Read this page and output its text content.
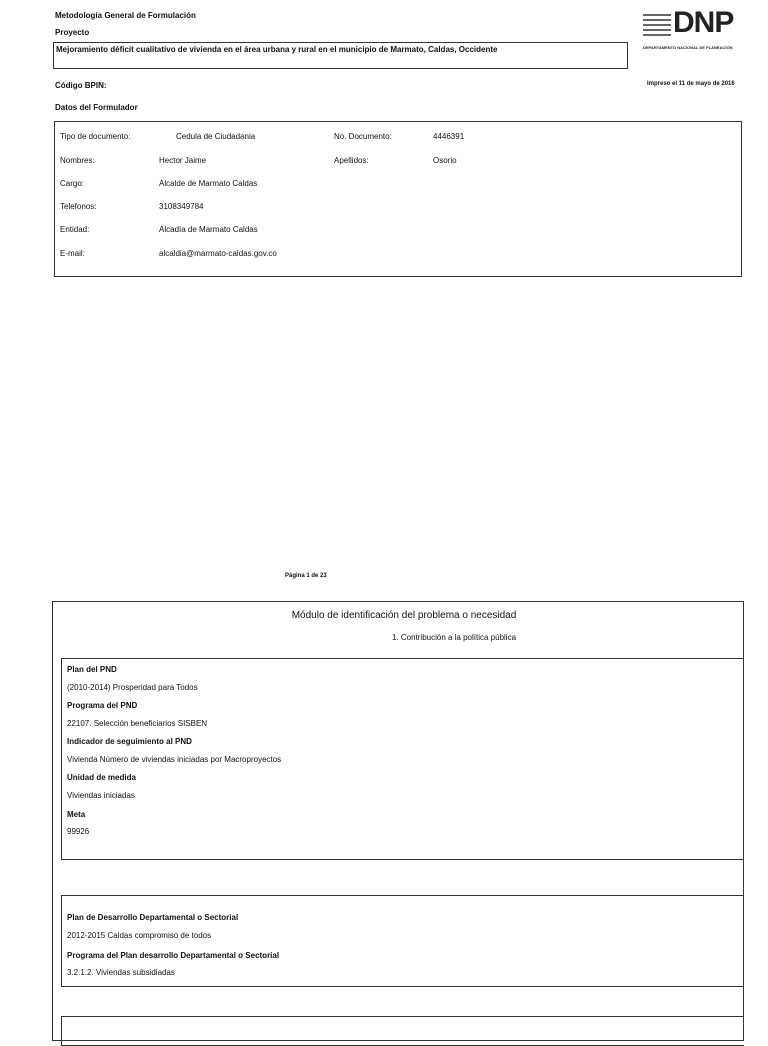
Metodología General de Formulación
Proyecto
Mejoramiento déficit cualitativo de vivienda en el área urbana y rural en el municipio de Marmato, Caldas, Occidente
DNP
DEPARTAMENTO NACIONAL DE PLANEACIÓN
Código BPIN:	Impreso el 11 de mayo de 2016
Datos del Formulador
Tipo de documento:	Cedula de Ciudadania	No. Documento:	4446391
Nombres:	Hector Jaime	Apellidos:	Osorio
Cargo:	Alcalde de Marmato Caldas
Telefonos:	3108349784
Entidad:	Alcadía de Marmato Caldas
E-mail:	alcaldia@marmato-caldas.gov.co
Página 1 de 23
Módulo de identificación del problema o necesidad
1. Contribución a la política pública
Plan del PND
(2010-2014) Prosperidad para Todos
Programa del PND
22107. Selección beneficiarios SISBEN
Indicador de seguimiento al PND
Vivienda Número de viviendas iniciadas por Macroproyectos
Unidad de medida
Viviendas iniciadas
Meta
99926
Plan de Desarrollo Departamental o Sectorial
2012-2015 Caldas compromiso de todos
Programa del Plan desarrollo Departamental o Sectorial
3.2.1.2. Viviendas subsidiadas
